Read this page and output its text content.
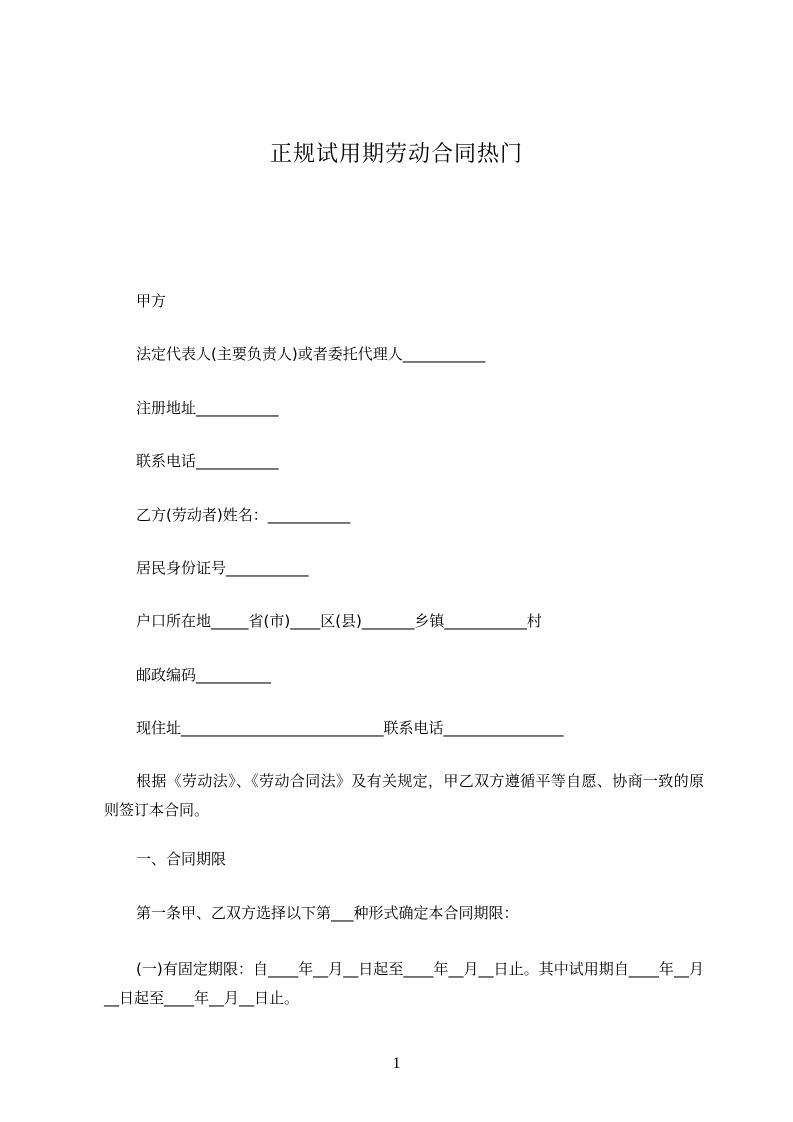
正规试用期劳动合同热门
甲方
法定代表人(主要负责人)或者委托代理人___________
注册地址___________
联系电话___________
乙方(劳动者)姓名：___________
居民身份证号___________
户口所在地_____省(市)____区(县)_______乡镇___________村
邮政编码__________
现住址___________________________联系电话________________
根据《劳动法》、《劳动合同法》及有关规定，甲乙双方遵循平等自愿、协商一致的原则签订本合同。
一、合同期限
第一条甲、乙双方选择以下第___种形式确定本合同期限：
(一)有固定期限：自____年__月__日起至____年__月__日止。其中试用期自____年__月__日起至____年__月__日止。
1
